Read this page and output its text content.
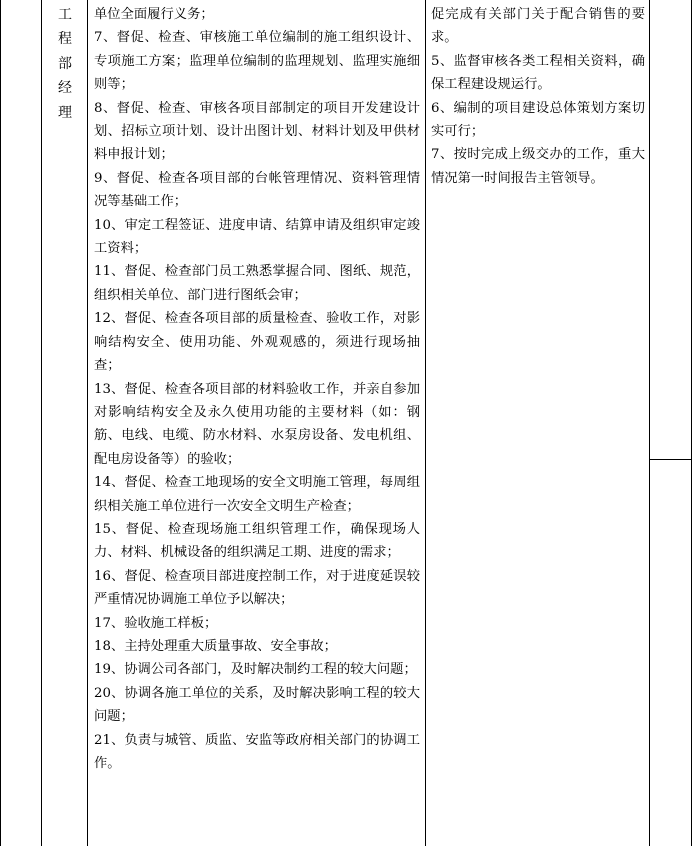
工
程
部
经
理

单位全面履行义务；

7、督促、检查、审核施工单位编制的施工组织设计、专项施工方案；监理单位编制的监理规划、监理实施细则等；

8、督促、检查、审核各项目部制定的项目开发建设计划、招标立项计划、设计出图计划、材料计划及甲供材料申报计划；

9、督促、检查各项目部的台帐管理情况、资料管理情况等基础工作；

10、审定工程签证、进度申请、结算申请及组织审定竣工资料；

11、督促、检查部门员工熟悉掌握合同、图纸、规范，组织相关单位、部门进行图纸会审；

12、督促、检查各项目部的质量检查、验收工作，对影响结构安全、使用功能、外观观感的，须进行现场抽查；

13、督促、检查各项目部的材料验收工作，并亲自参加对影响结构安全及永久使用功能的主要材料（如：钢筋、电线、电缆、防水材料、水泵房设备、发电机组、配电房设备等）的验收；

14、督促、检查工地现场的安全文明施工管理，每周组织相关施工单位进行一次安全文明生产检查；

15、督促、检查现场施工组织管理工作，确保现场人力、材料、机械设备的组织满足工期、进度的需求；

16、督促、检查项目部进度控制工作，对于进度延误较严重情况协调施工单位予以解决；

17、验收施工样板；

18、主持处理重大质量事故、安全事故；

19、协调公司各部门，及时解决制约工程的较大问题；

20、协调各施工单位的关系，及时解决影响工程的较大问题；

21、负责与城管、质监、安监等政府相关部门的协调工作。

促完成有关部门关于配合销售的要求。

5、监督审核各类工程相关资料，确保工程建设规运行。

6、编制的项目建设总体策划方案切实可行；

7、按时完成上级交办的工作，重大情况第一时间报告主管领导。
